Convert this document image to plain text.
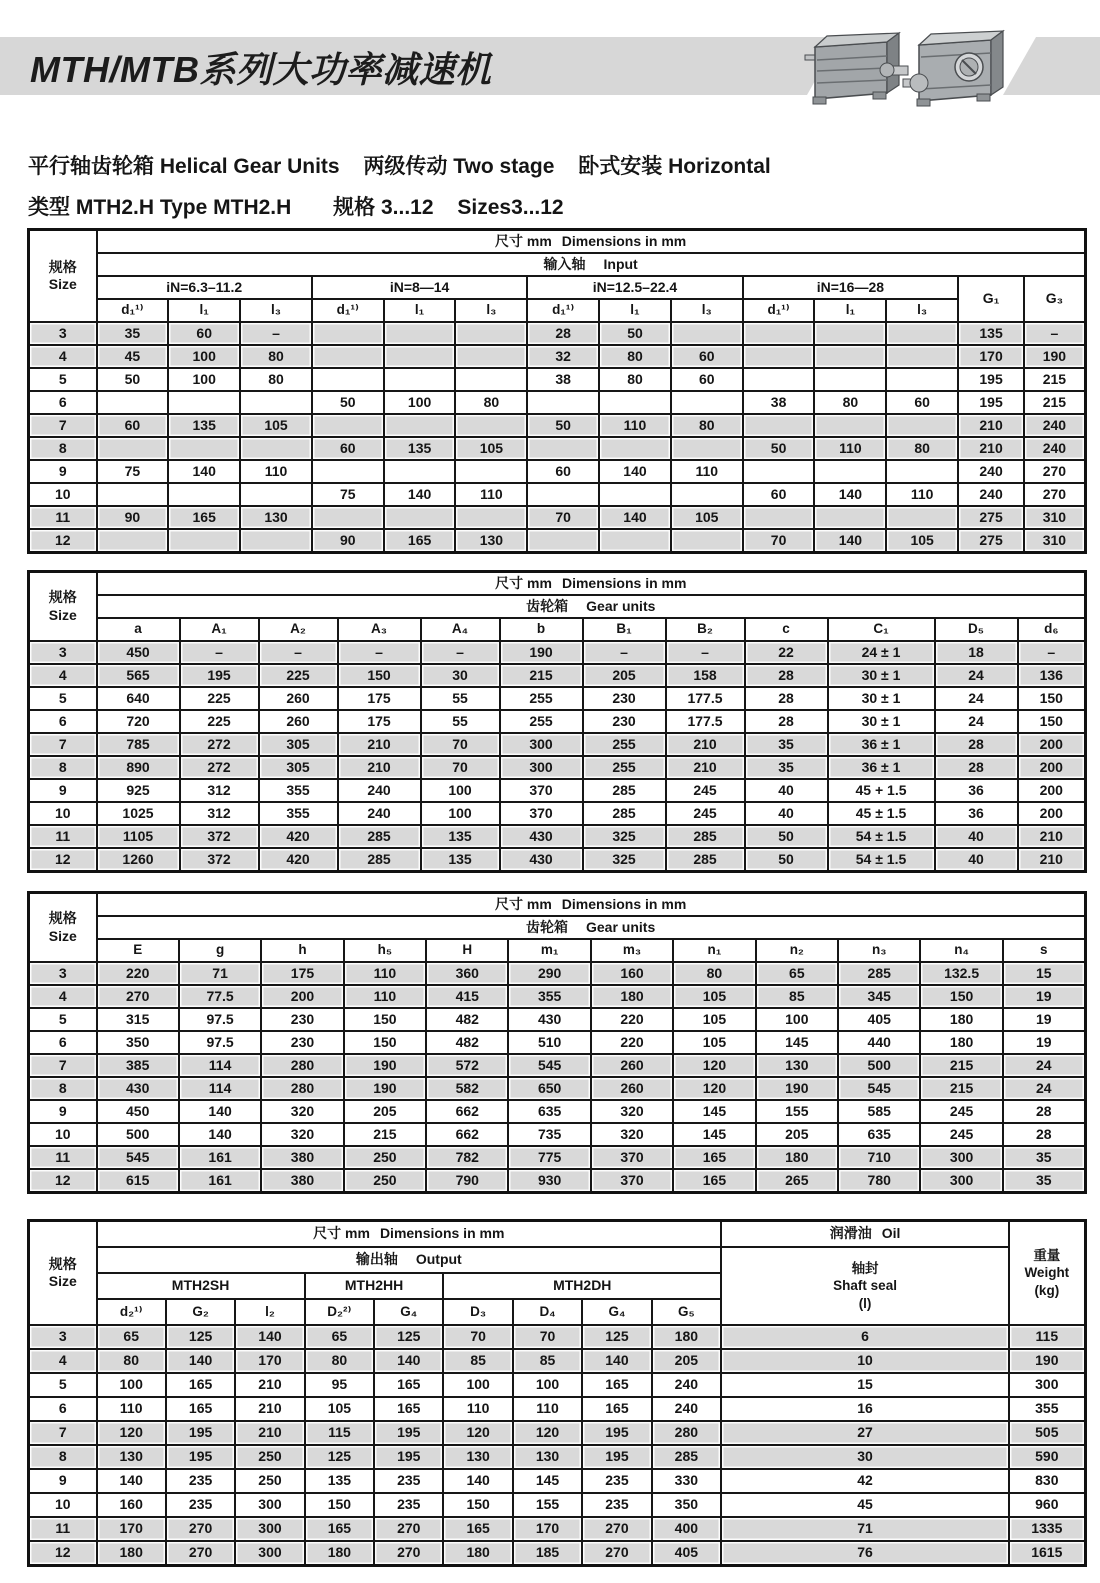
MTH/MTB系列大功率减速机
平行轴齿轮箱 Helical Gear Units 两级传动 Two stage 卧式安装 Horizontal
类型 MTH2.H Type MTH2.H 规格 3...12 Sizes3...12
规格
Size	尺寸 mm Dimensions in mm													
	输入轴 Input													
	iN=6.3–11.2			iN=8—14			iN=12.5–22.4			iN=16—28			G₁	G₃
	d₁¹⁾	l₁	l₃	d₁¹⁾	l₁	l₃	d₁¹⁾	l₁	l₃	d₁¹⁾	l₁	l₃		
3	35	60	–				28	50					135	–
4	45	100	80				32	80	60				170	190
5	50	100	80				38	80	60				195	215
6				50	100	80				38	80	60	195	215
7	60	135	105				50	110	80				210	240
8				60	135	105				50	110	80	210	240
9	75	140	110				60	140	110				240	270
10				75	140	110				60	140	110	240	270
11	90	165	130				70	140	105				275	310
12				90	165	130				70	140	105	275	310
规格
Size	尺寸 mm Dimensions in mm											
	齿轮箱 Gear units											
	a	A₁	A₂	A₃	A₄	b	B₁	B₂	c	C₁	D₅	d₆
3	450	–	–	–	–	190	–	–	22	24 ± 1	18	–
4	565	195	225	150	30	215	205	158	28	30 ± 1	24	136
5	640	225	260	175	55	255	230	177.5	28	30 ± 1	24	150
6	720	225	260	175	55	255	230	177.5	28	30 ± 1	24	150
7	785	272	305	210	70	300	255	210	35	36 ± 1	28	200
8	890	272	305	210	70	300	255	210	35	36 ± 1	28	200
9	925	312	355	240	100	370	285	245	40	45 + 1.5	36	200
10	1025	312	355	240	100	370	285	245	40	45 ± 1.5	36	200
11	1105	372	420	285	135	430	325	285	50	54 ± 1.5	40	210
12	1260	372	420	285	135	430	325	285	50	54 ± 1.5	40	210
规格
Size	尺寸 mm Dimensions in mm											
	齿轮箱 Gear units											
	E	g	h	h₅	H	m₁	m₃	n₁	n₂	n₃	n₄	s
3	220	71	175	110	360	290	160	80	65	285	132.5	15
4	270	77.5	200	110	415	355	180	105	85	345	150	19
5	315	97.5	230	150	482	430	220	105	100	405	180	19
6	350	97.5	230	150	482	510	220	105	145	440	180	19
7	385	114	280	190	572	545	260	120	130	500	215	24
8	430	114	280	190	582	650	260	120	190	545	215	24
9	450	140	320	205	662	635	320	145	155	585	245	28
10	500	140	320	215	662	735	320	145	205	635	245	28
11	545	161	380	250	782	775	370	165	180	710	300	35
12	615	161	380	250	790	930	370	165	265	780	300	35
规格
Size
	尺寸 mm Dimensions in mm	润滑油 Oil	
重量
Weight
(kg)

	输出轴 Output									轴封
Shaft seal
(l)	

	MTH2SH			MTH2HH		MTH2DH					
	d₂¹⁾	G₂	l₂	D₂²⁾	G₄	D₃	D₄	G₄	G₅		
3	65	125	140	65	125	70	70	125	180	6	115
4	80	140	170	80	140	85	85	140	205	10	190
5	100	165	210	95	165	100	100	165	240	15	300
6	110	165	210	105	165	110	110	165	240	16	355
7	120	195	210	115	195	120	120	195	280	27	505
8	130	195	250	125	195	130	130	195	285	30	590
9	140	235	250	135	235	140	145	235	330	42	830
10	160	235	300	150	235	150	155	235	350	45	960
11	170	270	300	165	270	165	170	270	400	71	1335
12	180	270	300	180	270	180	185	270	405	76	1615
